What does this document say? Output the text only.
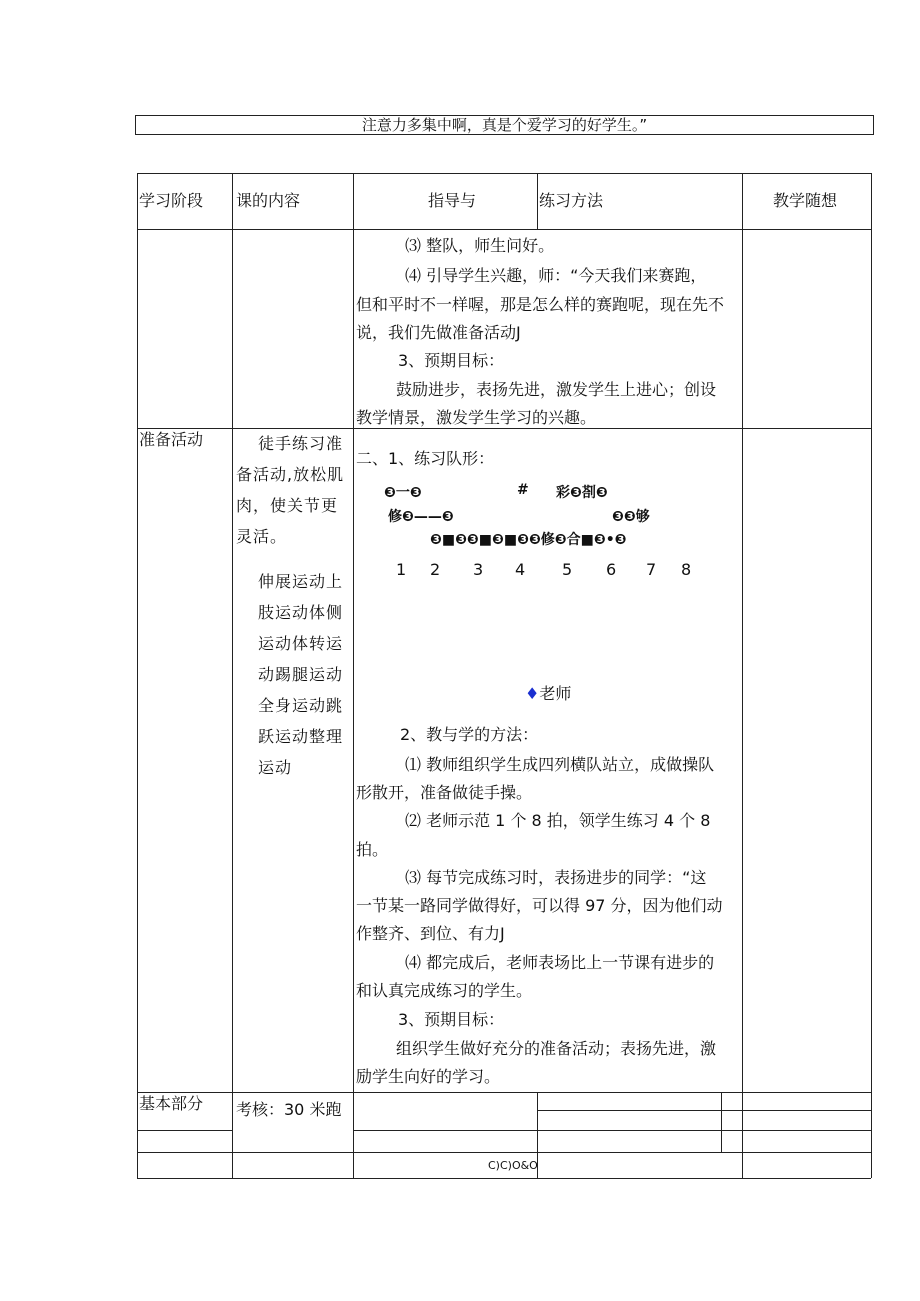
注意力多集中啊，真是个爱学习的好学生。”
学习阶段 课的内容	指导与	练习方法	教学随想
⑶ 整队，师生问好。
⑷ 引导学生兴趣，师：“今天我们来赛跑，
但和平时不一样喔，那是怎么样的赛跑呢，现在先不
说，我们先做准备活动J
3、预期目标：
鼓励进步，表扬先进，激发学生上进心；创设
教学情景，激发学生学习的兴趣。
准备活动	徒手练习准备活动,放松肌肉，使关节更灵活。
伸展运动上肢运动体侧运动体转运动踢腿运动全身运动跳跃运动整理运动
二、1、练习队形：
❸一❸	# 彩❸剳❸
修❸——❸	❸❸够
❸■❸❸■❸■❸❸修❸合■❸•❸
1 2 3 4 5 6 7 8
♦老师
2、教与学的方法：
⑴ 教师组织学生成四列横队站立，成做操队
形散开，准备做徒手操。
⑵ 老师示范 1 个 8 拍，领学生练习 4 个 8
拍。
⑶ 每节完成练习时，表扬进步的同学：“这
一节某一路同学做得好，可以得 97 分，因为他们动
作整齐、到位、有力J
⑷ 都完成后，老师表场比上一节课有进步的
和认真完成练习的学生。
3、预期目标：
组织学生做好充分的准备活动；表扬先进，激
励学生向好的学习。
基本部分 考核：30 米跑
C)C)O&O
